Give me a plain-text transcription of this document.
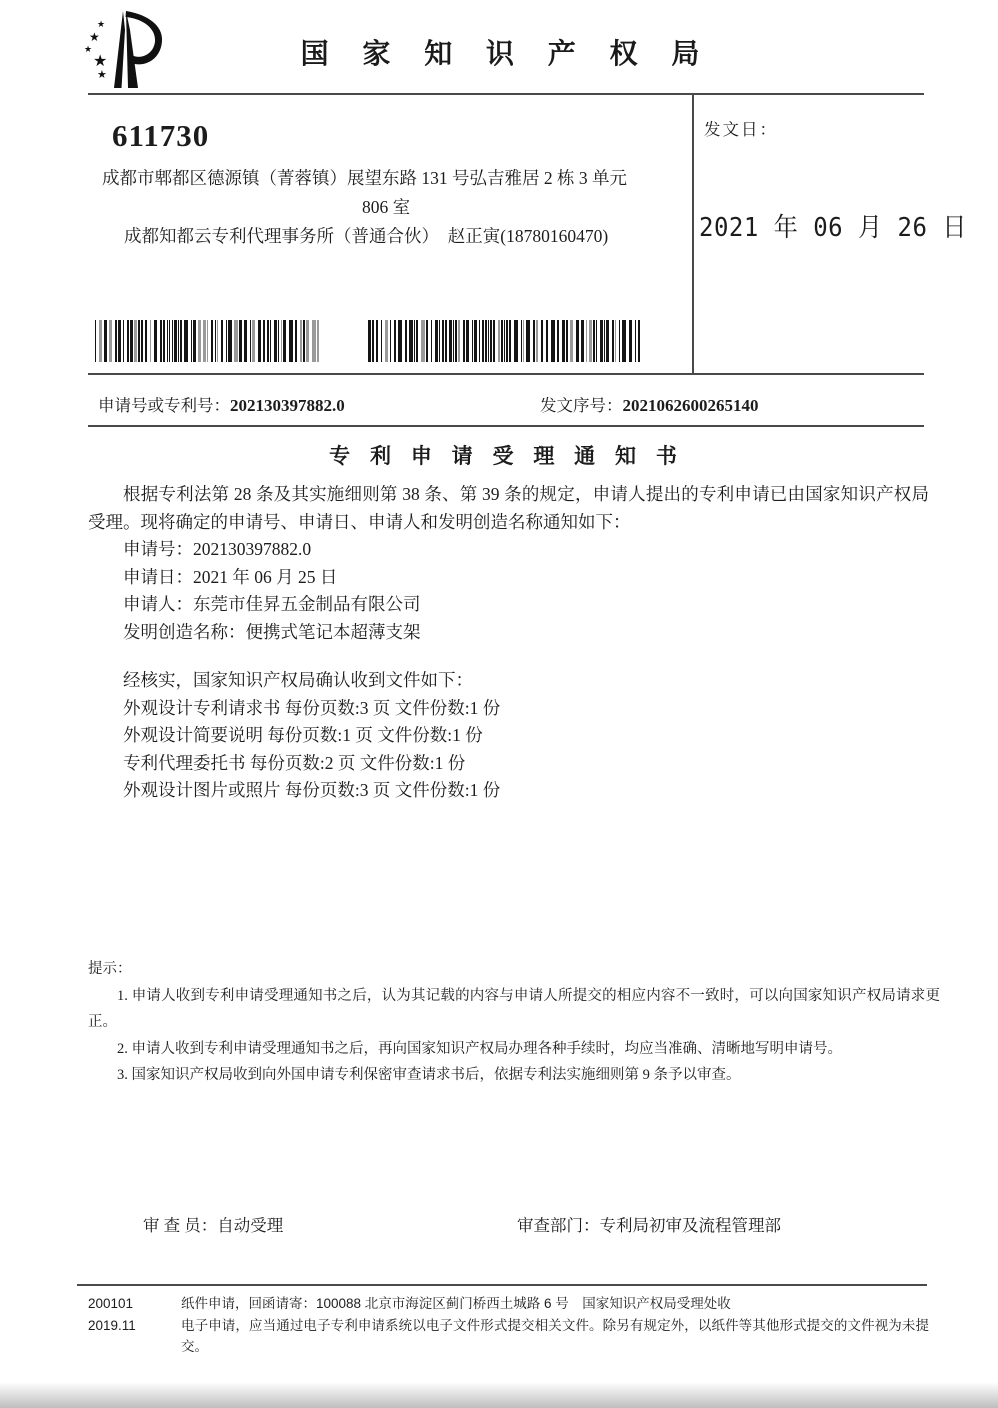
★
★
★
★
★
国 家 知 识 产 权 局
611730
成都市郫都区德源镇（菁蓉镇）展望东路 131 号弘吉雅居 2 栋 3 单元
806 室
成都知都云专利代理事务所（普通合伙）　赵正寅(18780160470)
发文日：
2021 年 06 月 26 日
申请号或专利号：202130397882.0	发文序号：2021062600265140
专 利 申 请 受 理 通 知 书
根据专利法第 28 条及其实施细则第 38 条、第 39 条的规定，申请人提出的专利申请已由国家知识产权局受理。现将确定的申请号、申请日、申请人和发明创造名称通知如下：
申请号：202130397882.0
申请日：2021 年 06 月 25 日
申请人：东莞市佳昇五金制品有限公司
发明创造名称：便携式笔记本超薄支架
经核实，国家知识产权局确认收到文件如下：
外观设计专利请求书 每份页数:3 页 文件份数:1 份
外观设计简要说明 每份页数:1 页 文件份数:1 份
专利代理委托书 每份页数:2 页 文件份数:1 份
外观设计图片或照片 每份页数:3 页 文件份数:1 份
提示：
1. 申请人收到专利申请受理通知书之后，认为其记载的内容与申请人所提交的相应内容不一致时，可以向国家知识产权局请求更正。
2. 申请人收到专利申请受理通知书之后，再向国家知识产权局办理各种手续时，均应当准确、清晰地写明申请号。
3. 国家知识产权局收到向外国申请专利保密审查请求书后，依据专利法实施细则第 9 条予以审查。
审 查 员：自动受理	审查部门：专利局初审及流程管理部
200101
2019.11
纸件申请，回函请寄：100088 北京市海淀区蓟门桥西土城路 6 号　国家知识产权局受理处收
电子申请，应当通过电子专利申请系统以电子文件形式提交相关文件。除另有规定外，以纸件等其他形式提交的文件视为未提交。
